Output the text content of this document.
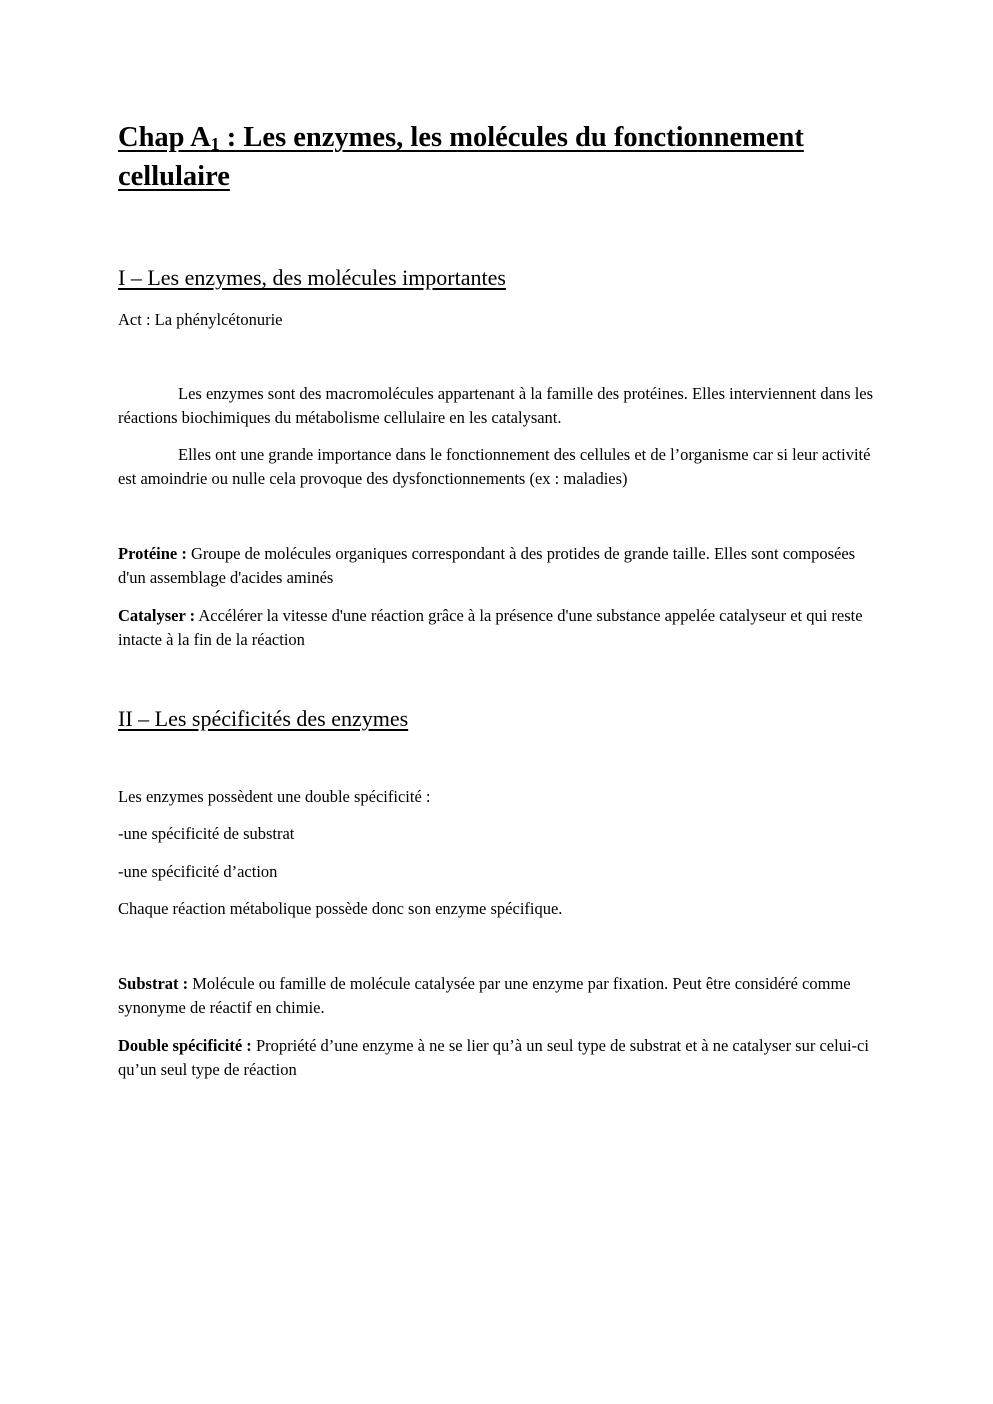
Chap $A_1$ : Les enzymes, les molécules du fonctionnement cellulaire
I – Les enzymes, des molécules importantes
Act : La phénylcétonurie
Les enzymes sont des macromolécules appartenant à la famille des protéines. Elles interviennent dans les réactions biochimiques du métabolisme cellulaire en les catalysant.
Elles ont une grande importance dans le fonctionnement des cellules et de l’organisme car si leur activité est amoindrie ou nulle cela provoque des dysfonctionnements (ex : maladies)
Protéine : Groupe de molécules organiques correspondant à des protides de grande taille. Elles sont composées d'un assemblage d'acides aminés
Catalyser : Accélérer la vitesse d'une réaction grâce à la présence d'une substance appelée catalyseur et qui reste intacte à la fin de la réaction
II – Les spécificités des enzymes
Les enzymes possèdent une double spécificité :
-une spécificité de substrat
-une spécificité d’action
Chaque réaction métabolique possède donc son enzyme spécifique.
Substrat : Molécule ou famille de molécule catalysée par une enzyme par fixation. Peut être considéré comme synonyme de réactif en chimie.
Double spécificité : Propriété d’une enzyme à ne se lier qu’à un seul type de substrat et à ne catalyser sur celui-ci qu’un seul type de réaction
